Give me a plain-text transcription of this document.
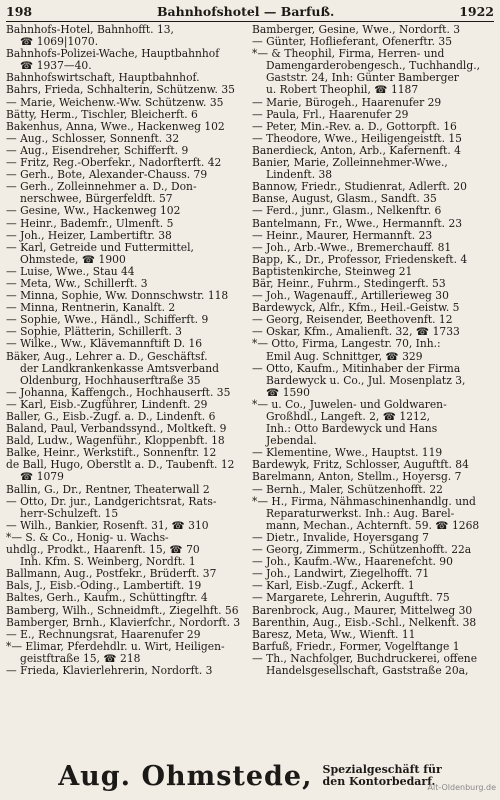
198	Bahnhofshotel — Barfuß.	1922
Bahnhofs-Hotel, Bahnhofft. 13,
☎ 1069|1070.
Bahnhofs-Polizei-Wache, Hauptbahnhof
☎ 1937—40.
Bahnhofswirtschaft, Hauptbahnhof.
Bahrs, Frieda, Schhalterin, Schützenw. 35
— Marie, Weichenw.-Ww. Schützenw. 35
Bätty, Herm., Tischler, Bleicherft. 6
Bakenhus, Anna, Wwe., Hackenweg 102
— Aug., Schlosser, Sonnenft. 32
— Aug., Eisendreher, Schifferft. 9
— Fritz, Reg.-Oberfekr., Nadorfterft. 42
— Gerh., Bote, Alexander-Chauss. 79
— Gerh., Zolleinnehmer a. D., Don-
nerschwee, Bürgerfeldft. 57
— Gesine, Ww., Hackenweg 102
— Heinr., Bademfr., Ulmenft. 5
— Joh., Heizer, Lambertiftr. 38
— Karl, Getreide und Futtermittel,
Ohmstede, ☎ 1900
— Luise, Wwe., Stau 44
— Meta, Ww., Schillerft. 3
— Minna, Sophie, Ww. Donnschwstr. 118
— Minna, Rentnerin, Kanalft. 2
— Sophie, Wwe., Händl., Schifferft. 9
— Sophie, Plätterin, Schillerft. 3
— Wilke., Ww., Klävemannftift D. 16
Bäker, Aug., Lehrer a. D., Geschäftsf.
der Landkrankenkasse Amtsverband
Oldenburg, Hochhauserftraße 35
— Johanna, Kaffengch., Hochhauserft. 35
— Karl, Eisb.-Zugführer, Lindenft. 29
Baller, G., Eisb.-Zugf. a. D., Lindenft. 6
Baland, Paul, Verbandssynd., Moltkeft. 9
Bald, Ludw., Wagenführ., Kloppenbft. 18
Balke, Heinr., Werkstift., Sonnenftr. 12
de Ball, Hugo, Oberstlt a. D., Taubenft. 12
☎ 1079
Ballin, G., Dr., Rentner, Theaterwall 2
— Otto, Dr. jur., Landgerichtsrat, Rats-
herr-Schulzeft. 15
— Wilh., Bankier, Rosenft. 31, ☎ 310
*— S. & Co., Honig- u. Wachs-
uhdlg., Prodkt., Haarenft. 15, ☎ 70
Inh. Kfm. S. Weinberg, Nordft. 1
Ballmann, Aug., Postfekr., Brüderft. 37
Bals, J., Eisb.-Oding., Lambertift. 19
Baltes, Gerh., Kaufm., Schüttingftr. 4
Bamberg, Wilh., Schneidmft., Ziegelhft. 56
Bamberger, Brnh., Klavierfchr., Nordorft. 3
— E., Rechnungsrat, Haarenufer 29
*— Elimar, Pferdehdlr. u. Wirt, Heiligen-
geistftraße 15, ☎ 218
— Frieda, Klavierlehrerin, Nordorft. 3
Bamberger, Gesine, Wwe., Nordorft. 3
— Günter, Hoflieferant, Ofenerftr. 35
*— & Theophil, Firma, Herren- und
Damengarderobengesch., Tuchhandlg.,
Gaststr. 24, Inh: Günter Bamberger
u. Robert Theophil, ☎ 1187
— Marie, Bürogeh., Haarenufer 29
— Paula, Frl., Haarenufer 29
— Peter, Min.-Rev. a. D., Gottorpft. 16
— Theodore, Wwe., Heiligengeistft. 15
Banerdieck, Anton, Arb., Kafernenft. 4
Banier, Marie, Zolleinnehmer-Wwe.,
Lindenft. 38
Bannow, Friedr., Studienrat, Adlerft. 20
Banse, August, Glasm., Sandft. 35
— Ferd., junr., Glasm., Nelkenftr. 6
Bantelmann, Fr., Wwe., Hermannft. 23
— Heinr., Maurer, Hermannft. 23
— Joh., Arb.-Wwe., Bremerchauff. 81
Bapp, K., Dr., Professor, Friedenskeft. 4
Baptistenkirche, Steinweg 21
Bär, Heinr., Fuhrm., Stedingerft. 53
— Joh., Wagenauff., Artillerieweg 30
Bardewyck, Alfr., Kfm., Heil.-Geistw. 5
— Georg, Reisender, Beethovenft. 12
— Oskar, Kfm., Amalienft. 32, ☎ 1733
*— Otto, Firma, Langestr. 70, Inh.:
Emil Aug. Schnittger, ☎ 329
— Otto, Kaufm., Mitinhaber der Firma
Bardewyck u. Co., Jul. Mosenplatz 3,
☎ 1590
*— u. Co., Juwelen- und Goldwaren-
Großhdl., Langeft. 2, ☎ 1212,
Inh.: Otto Bardewyck und Hans
Jebendal.
— Klementine, Wwe., Hauptst. 119
Bardewyk, Fritz, Schlosser, Auguftft. 84
Barelmann, Anton, Stellm., Hoyersg. 7
— Bernh., Maler, Schützenhofft. 22
*— H., Firma, Nähmaschinenhandlg. und
Reparaturwerkst. Inh.: Aug. Barel-
mann, Mechan., Achternft. 59. ☎ 1268
— Dietr., Invalide, Hoyersgang 7
— Georg, Zimmerm., Schützenhofft. 22a
— Joh., Kaufm.-Ww., Haarenefcht. 90
— Joh., Landwirt, Ziegelhofft. 71
— Karl, Eisb.-Zugf., Ackerft. 1
— Margarete, Lehrerin, Auguftft. 75
Barenbrock, Aug., Maurer, Mittelweg 30
Barenthin, Aug., Eisb.-Schl., Nelkenft. 38
Baresz, Meta, Ww., Wienft. 11
Barfuß, Friedr., Former, Vogelftange 1
— Th., Nachfolger, Buchdruckerei, offene
Handelsgesellschaft, Gaststraße 20a,
Aug. Ohmstede, Spezialgeschäft für
den Kontorbedarf.
Alt-Oldenburg.de
